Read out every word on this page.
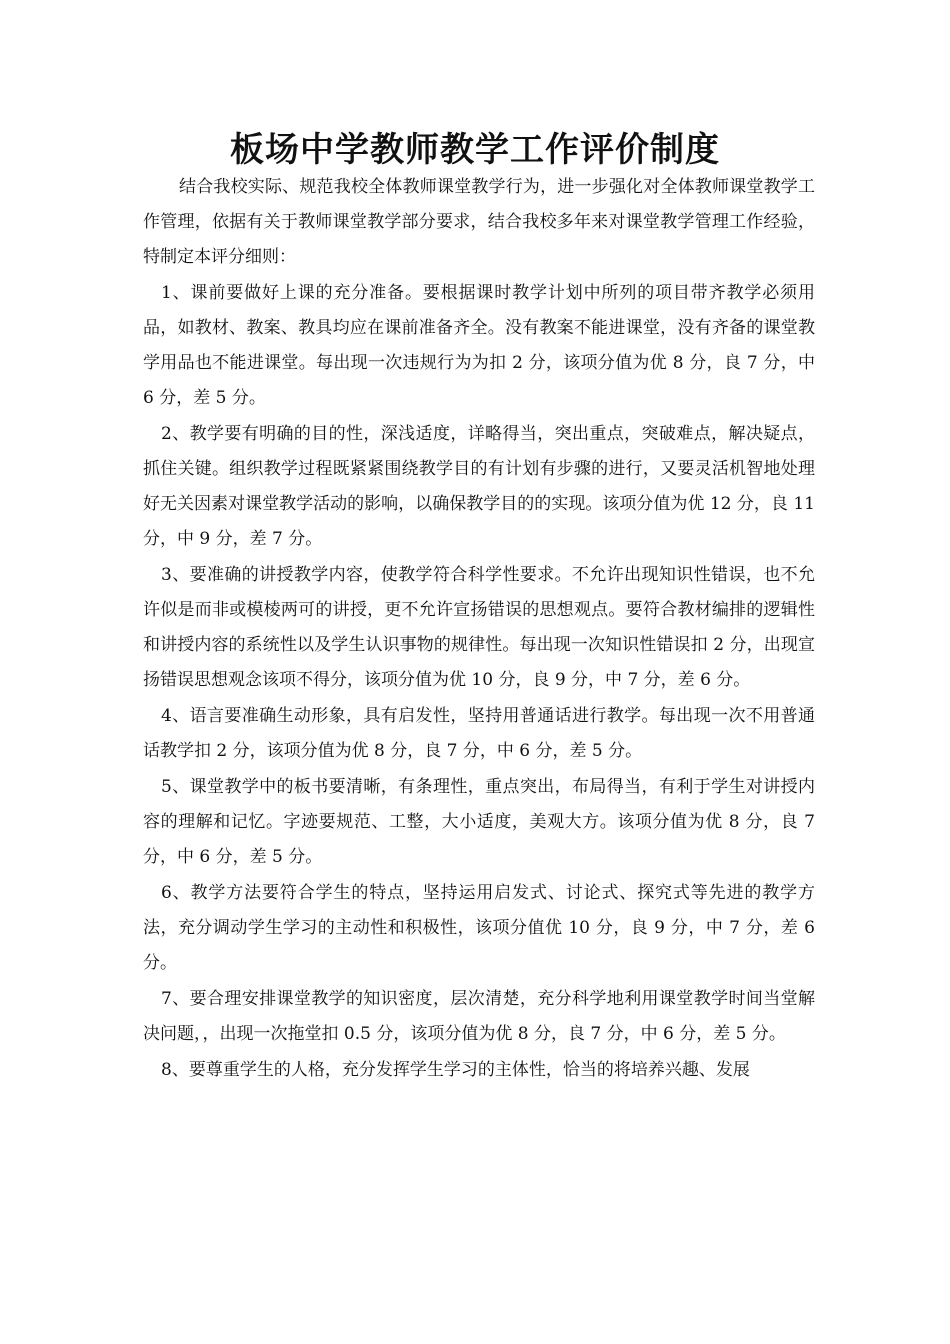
板场中学教师教学工作评价制度

结合我校实际、规范我校全体教师课堂教学行为，进一步强化对全体教师课堂教学工作管理，依据有关于教师课堂教学部分要求，结合我校多年来对课堂教学管理工作经验，特制定本评分细则：

1、课前要做好上课的充分准备。要根据课时教学计划中所列的项目带齐教学必须用品，如教材、教案、教具均应在课前准备齐全。没有教案不能进课堂，没有齐备的课堂教学用品也不能进课堂。每出现一次违规行为为扣 2 分，该项分值为优 8 分，良 7 分，中 6 分，差 5 分。

2、教学要有明确的目的性，深浅适度，详略得当，突出重点，突破难点，解决疑点，抓住关键。组织教学过程既紧紧围绕教学目的有计划有步骤的进行，又要灵活机智地处理好无关因素对课堂教学活动的影响，以确保教学目的的实现。该项分值为优 12 分，良 11 分，中 9 分，差 7 分。

3、要准确的讲授教学内容，使教学符合科学性要求。不允许出现知识性错误，也不允许似是而非或模棱两可的讲授，更不允许宣扬错误的思想观点。要符合教材编排的逻辑性和讲授内容的系统性以及学生认识事物的规律性。每出现一次知识性错误扣 2 分，出现宣扬错误思想观念该项不得分，该项分值为优 10 分，良 9 分，中 7 分，差 6 分。

4、语言要准确生动形象，具有启发性，坚持用普通话进行教学。每出现一次不用普通话教学扣 2 分，该项分值为优 8 分，良 7 分，中 6 分，差 5 分。

5、课堂教学中的板书要清晰，有条理性，重点突出，布局得当，有利于学生对讲授内容的理解和记忆。字迹要规范、工整，大小适度，美观大方。该项分值为优 8 分，良 7 分，中 6 分，差 5 分。

6、教学方法要符合学生的特点，坚持运用启发式、讨论式、探究式等先进的教学方法，充分调动学生学习的主动性和积极性，该项分值优 10 分，良 9 分，中 7 分，差 6 分。

7、要合理安排课堂教学的知识密度，层次清楚，充分科学地利用课堂教学时间当堂解决问题，，出现一次拖堂扣 0.5 分，该项分值为优 8 分，良 7 分，中 6 分，差 5 分。

8、要尊重学生的人格，充分发挥学生学习的主体性，恰当的将培养兴趣、发展
